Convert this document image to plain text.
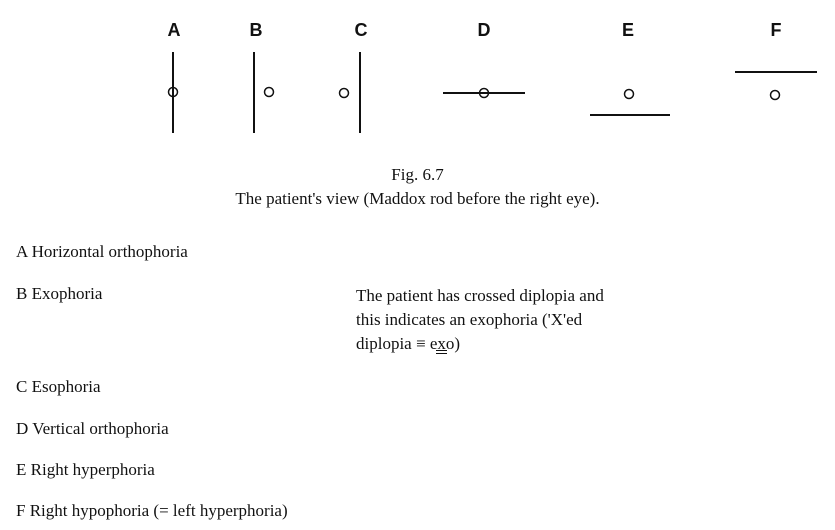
A	B	C	D	E	F
Fig. 6.7
The patient's view (Maddox rod before the right eye).
A Horizontal orthophoria
B Exophoria
C Esophoria
D Vertical orthophoria
E Right hyperphoria
F Right hypophoria (= left hyperphoria)
The patient has crossed diplopia and
this indicates an exophoria ('X'ed
diplopia ≡ exo
)
